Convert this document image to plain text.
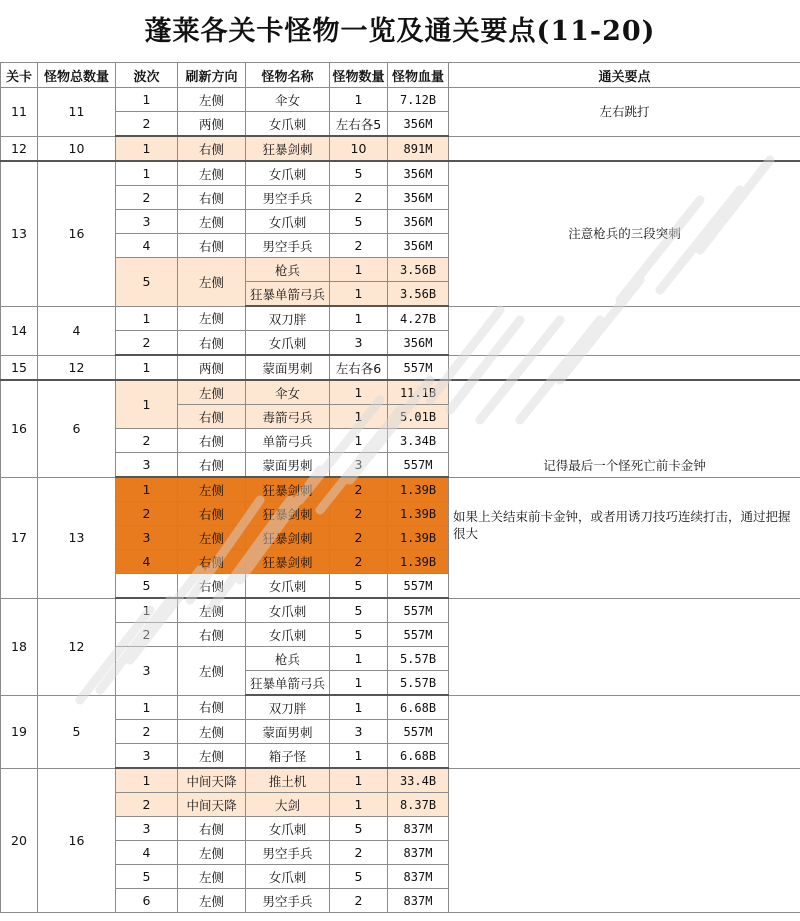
蓬莱各关卡怪物一览及通关要点(11-20)
关卡	怪物总数量	波次	刷新方向	怪物名称	怪物数量	怪物血量	通关要点
11	11	1	左侧	伞女	1	7.12B	左右跳打
		2	两侧	女爪刺	左右各5	356M	
12	10	1	右侧	狂暴剑刺	10	891M	
13	16	1	左侧	女爪刺	5	356M	注意枪兵的三段突刺
		2	右侧	男空手兵	2	356M	
		3	左侧	女爪刺	5	356M	
		4	右侧	男空手兵	2	356M	
		5	左侧	枪兵	1	3.56B	
				狂暴单箭弓兵	1	3.56B	
14	4	1	左侧	双刀胖	1	4.27B	
		2	右侧	女爪刺	3	356M	
15	12	1	两侧	蒙面男刺	左右各6	557M	
16	6	1	左侧	伞女	1	11.1B	记得最后一个怪死亡前卡金钟
			右侧	毒箭弓兵	1	5.01B	
		2	右侧	单箭弓兵	1	3.34B	
		3	右侧	蒙面男刺	3	557M	
17	13	1	左侧	狂暴剑刺	2	1.39B	如果上关结束前卡金钟，或者用诱刀技巧连续打击，通过把握很大
		2	右侧	狂暴剑刺	2	1.39B	
		3	左侧	狂暴剑刺	2	1.39B	
		4	右侧	狂暴剑刺	2	1.39B	
		5	右侧	女爪刺	5	557M	
18	12	1	左侧	女爪刺	5	557M	
		2	右侧	女爪刺	5	557M	
		3	左侧	枪兵	1	5.57B	
				狂暴单箭弓兵	1	5.57B	
19	5	1	右侧	双刀胖	1	6.68B	
		2	左侧	蒙面男刺	3	557M	
		3	左侧	箱子怪	1	6.68B	
20	16	1	中间天降	推土机	1	33.4B	
		2	中间天降	大剑	1	8.37B	
		3	右侧	女爪刺	5	837M	
		4	左侧	男空手兵	2	837M	
		5	左侧	女爪刺	5	837M	
		6	左侧	男空手兵	2	837M	
